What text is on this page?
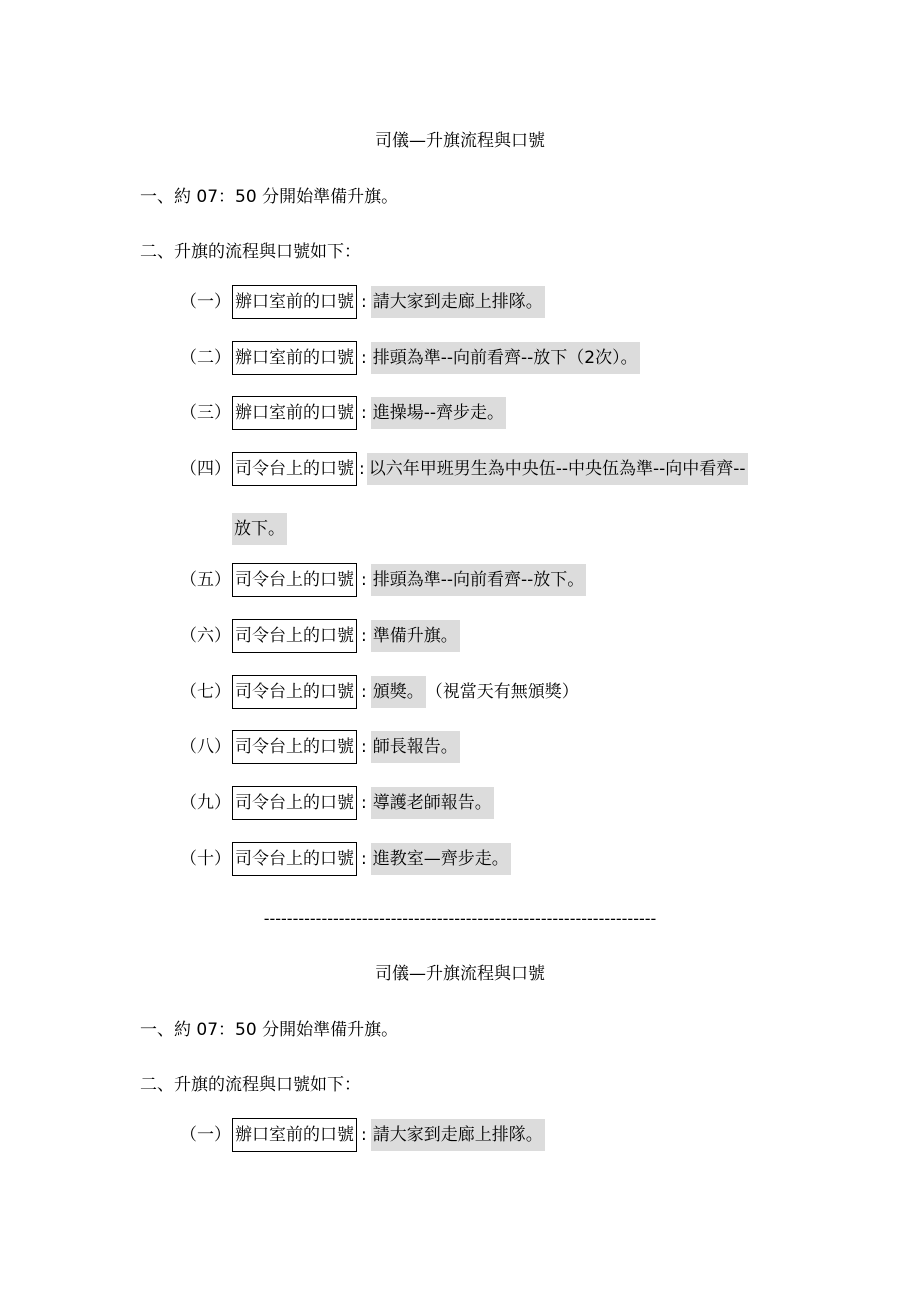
司儀—升旗流程與口號
一、約 07：50 分開始準備升旗。
二、升旗的流程與口號如下：
（一） 辦口室前的口號 : 請大家到走廊上排隊。
（二） 辦口室前的口號 : 排頭為準--向前看齊--放下（2次）。
（三） 辦口室前的口號 : 進操場--齊步走。
（四） 司令台上的口號 : 以六年甲班男生為中央伍--中央伍為準--向中看齊--
放下。
（五） 司令台上的口號 : 排頭為準--向前看齊--放下。
（六） 司令台上的口號 : 準備升旗。
（七） 司令台上的口號 : 頒獎。 （視當天有無頒獎）
（八） 司令台上的口號 : 師長報告。
（九） 司令台上的口號 : 導護老師報告。
（十） 司令台上的口號 : 進教室—齊步走。
--------------------------------------------------------------------
司儀—升旗流程與口號
一、約 07：50 分開始準備升旗。
二、升旗的流程與口號如下：
（一） 辦口室前的口號 : 請大家到走廊上排隊。
